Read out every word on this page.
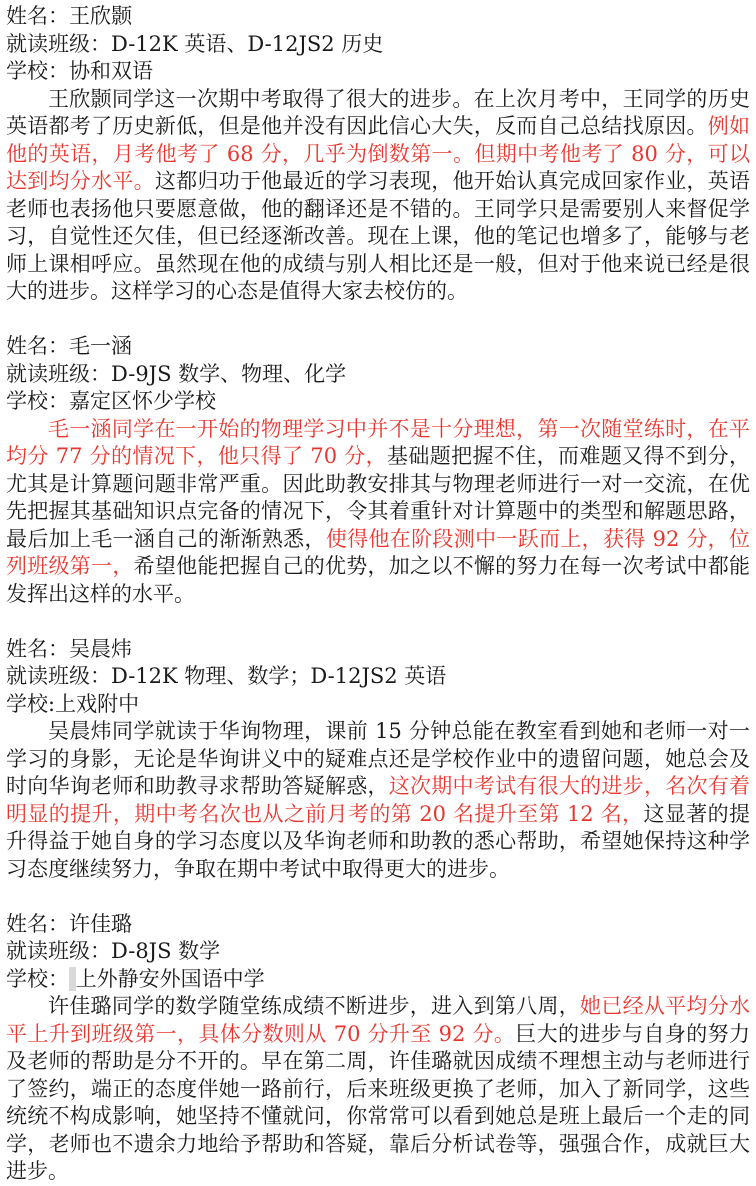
姓名：王欣颢
就读班级：D-12K 英语、D-12JS2 历史
学校：协和双语

王欣颢同学这一次期中考取得了很大的进步。在上次月考中，王同学的历史英语都考了历史新低，但是他并没有因此信心大失，反而自己总结找原因。例如他的英语，月考他考了 68 分，几乎为倒数第一。但期中考他考了 80 分，可以达到均分水平。这都归功于他最近的学习表现，他开始认真完成回家作业，英语老师也表扬他只要愿意做，他的翻译还是不错的。王同学只是需要别人来督促学习，自觉性还欠佳，但已经逐渐改善。现在上课，他的笔记也增多了，能够与老师上课相呼应。虽然现在他的成绩与别人相比还是一般，但对于他来说已经是很大的进步。这样学习的心态是值得大家去校仿的。

姓名：毛一涵
就读班级：D-9JS 数学、物理、化学
学校：嘉定区怀少学校

毛一涵同学在一开始的物理学习中并不是十分理想，第一次随堂练时，在平均分 77 分的情况下，他只得了 70 分，基础题把握不住，而难题又得不到分，尤其是计算题问题非常严重。因此助教安排其与物理老师进行一对一交流，在优先把握其基础知识点完备的情况下，令其着重针对计算题中的类型和解题思路，最后加上毛一涵自己的渐渐熟悉，使得他在阶段测中一跃而上，获得 92 分，位列班级第一，希望他能把握自己的优势，加之以不懈的努力在每一次考试中都能发挥出这样的水平。

姓名：吴晨炜
就读班级：D-12K 物理、数学；D-12JS2 英语
学校:上戏附中

吴晨炜同学就读于华询物理，课前 15 分钟总能在教室看到她和老师一对一学习的身影，无论是华询讲义中的疑难点还是学校作业中的遗留问题，她总会及时向华询老师和助教寻求帮助答疑解惑，这次期中考试有很大的进步，名次有着明显的提升，期中考名次也从之前月考的第 20 名提升至第 12 名，这显著的提升得益于她自身的学习态度以及华询老师和助教的悉心帮助，希望她保持这种学习态度继续努力，争取在期中考试中取得更大的进步。

姓名：许佳璐
就读班级：D-8JS 数学
学校： 上外静安外国语中学

许佳璐同学的数学随堂练成绩不断进步，进入到第八周，她已经从平均分水平上升到班级第一，具体分数则从 70 分升至 92 分。巨大的进步与自身的努力及老师的帮助是分不开的。早在第二周，许佳璐就因成绩不理想主动与老师进行了签约，端正的态度伴她一路前行，后来班级更换了老师，加入了新同学，这些统统不构成影响，她坚持不懂就问，你常常可以看到她总是班上最后一个走的同学，老师也不遗余力地给予帮助和答疑，靠后分析试卷等，强强合作，成就巨大进步。
